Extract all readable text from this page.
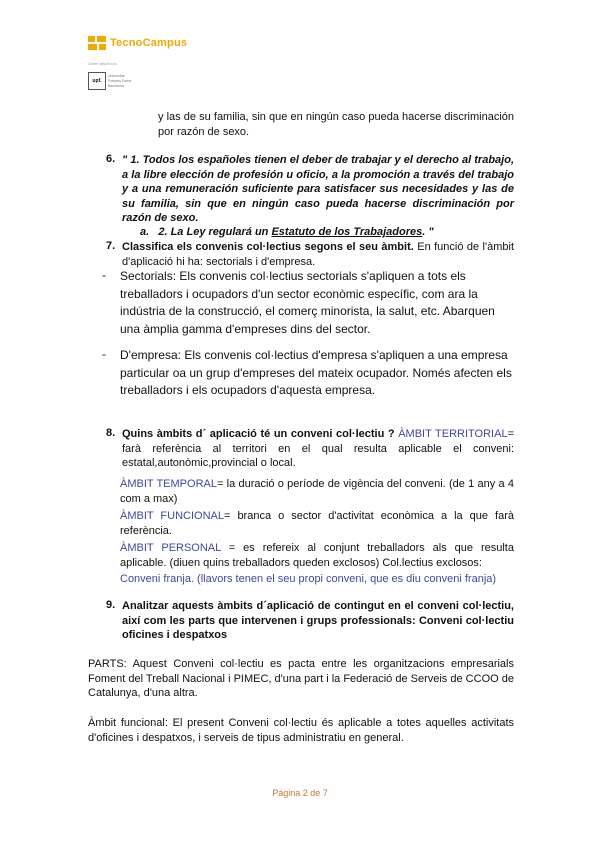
TecnoCampus
Centre adscrit a la
upf.
Universitat
Pompeu Fabra
Barcelona
y las de su familia, sin que en ningún caso pueda hacerse discriminación por razón de sexo.
6. " 1. Todos los españoles tienen el deber de trabajar y el derecho al trabajo, a la libre elección de profesión u oficio, a la promoción a través del trabajo y a una remuneración suficiente para satisfacer sus necesidades y las de su familia, sin que en ningún caso pueda hacerse discriminación por razón de sexo.
a. 2. La Ley regulará un Estatuto de los Trabajadores. "
7. Classifica els convenis col·lectius segons el seu àmbit. En funció de l'àmbit d'aplicació hi ha: sectorials i d'empresa.
- Sectorials: Els convenis col·lectius sectorials s'apliquen a tots els treballadors i ocupadors d'un sector econòmic específic, com ara la indústria de la construcció, el comerç minorista, la salut, etc. Abarquen una àmplia gamma d'empreses dins del sector.
- D'empresa: Els convenis col·lectius d'empresa s'apliquen a una empresa particular oa un grup d'empreses del mateix ocupador. Només afecten els treballadors i els ocupadors d'aquesta empresa.
8. Quins àmbits d´ aplicació té un conveni col·lectiu ? ÀMBIT TERRITORIAL= farà referència al territori en el qual resulta aplicable el conveni: estatal,autonòmic,provincial o local.
ÀMBIT TEMPORAL= la duració o període de vigència del conveni. (de 1 any a 4 com a max)
ÀMBIT FUNCIONAL= branca o sector d'activitat econòmica a la que farà referència.
ÀMBIT PERSONAL = es refereix al conjunt treballadors als que resulta aplicable. (diuen quins treballadors queden exclosos) Col.lectius exclosos:
Conveni franja. (llavors tenen el seu propi conveni, que es diu conveni franja)
9. Analitzar aquests àmbits d´aplicació de contingut en el conveni col·lectiu, així com les parts que intervenen i grups professionals: Conveni col·lectiu oficines i despatxos
PARTS: Aquest Conveni col·lectiu es pacta entre les organitzacions empresarials Foment del Treball Nacional i PIMEC, d'una part i la Federació de Serveis de CCOO de Catalunya, d'una altra.
Àmbit funcional: El present Conveni col·lectiu és aplicable a totes aquelles activitats d'oficines i despatxos, i serveis de tipus administratiu en general.
Página 2 de 7
